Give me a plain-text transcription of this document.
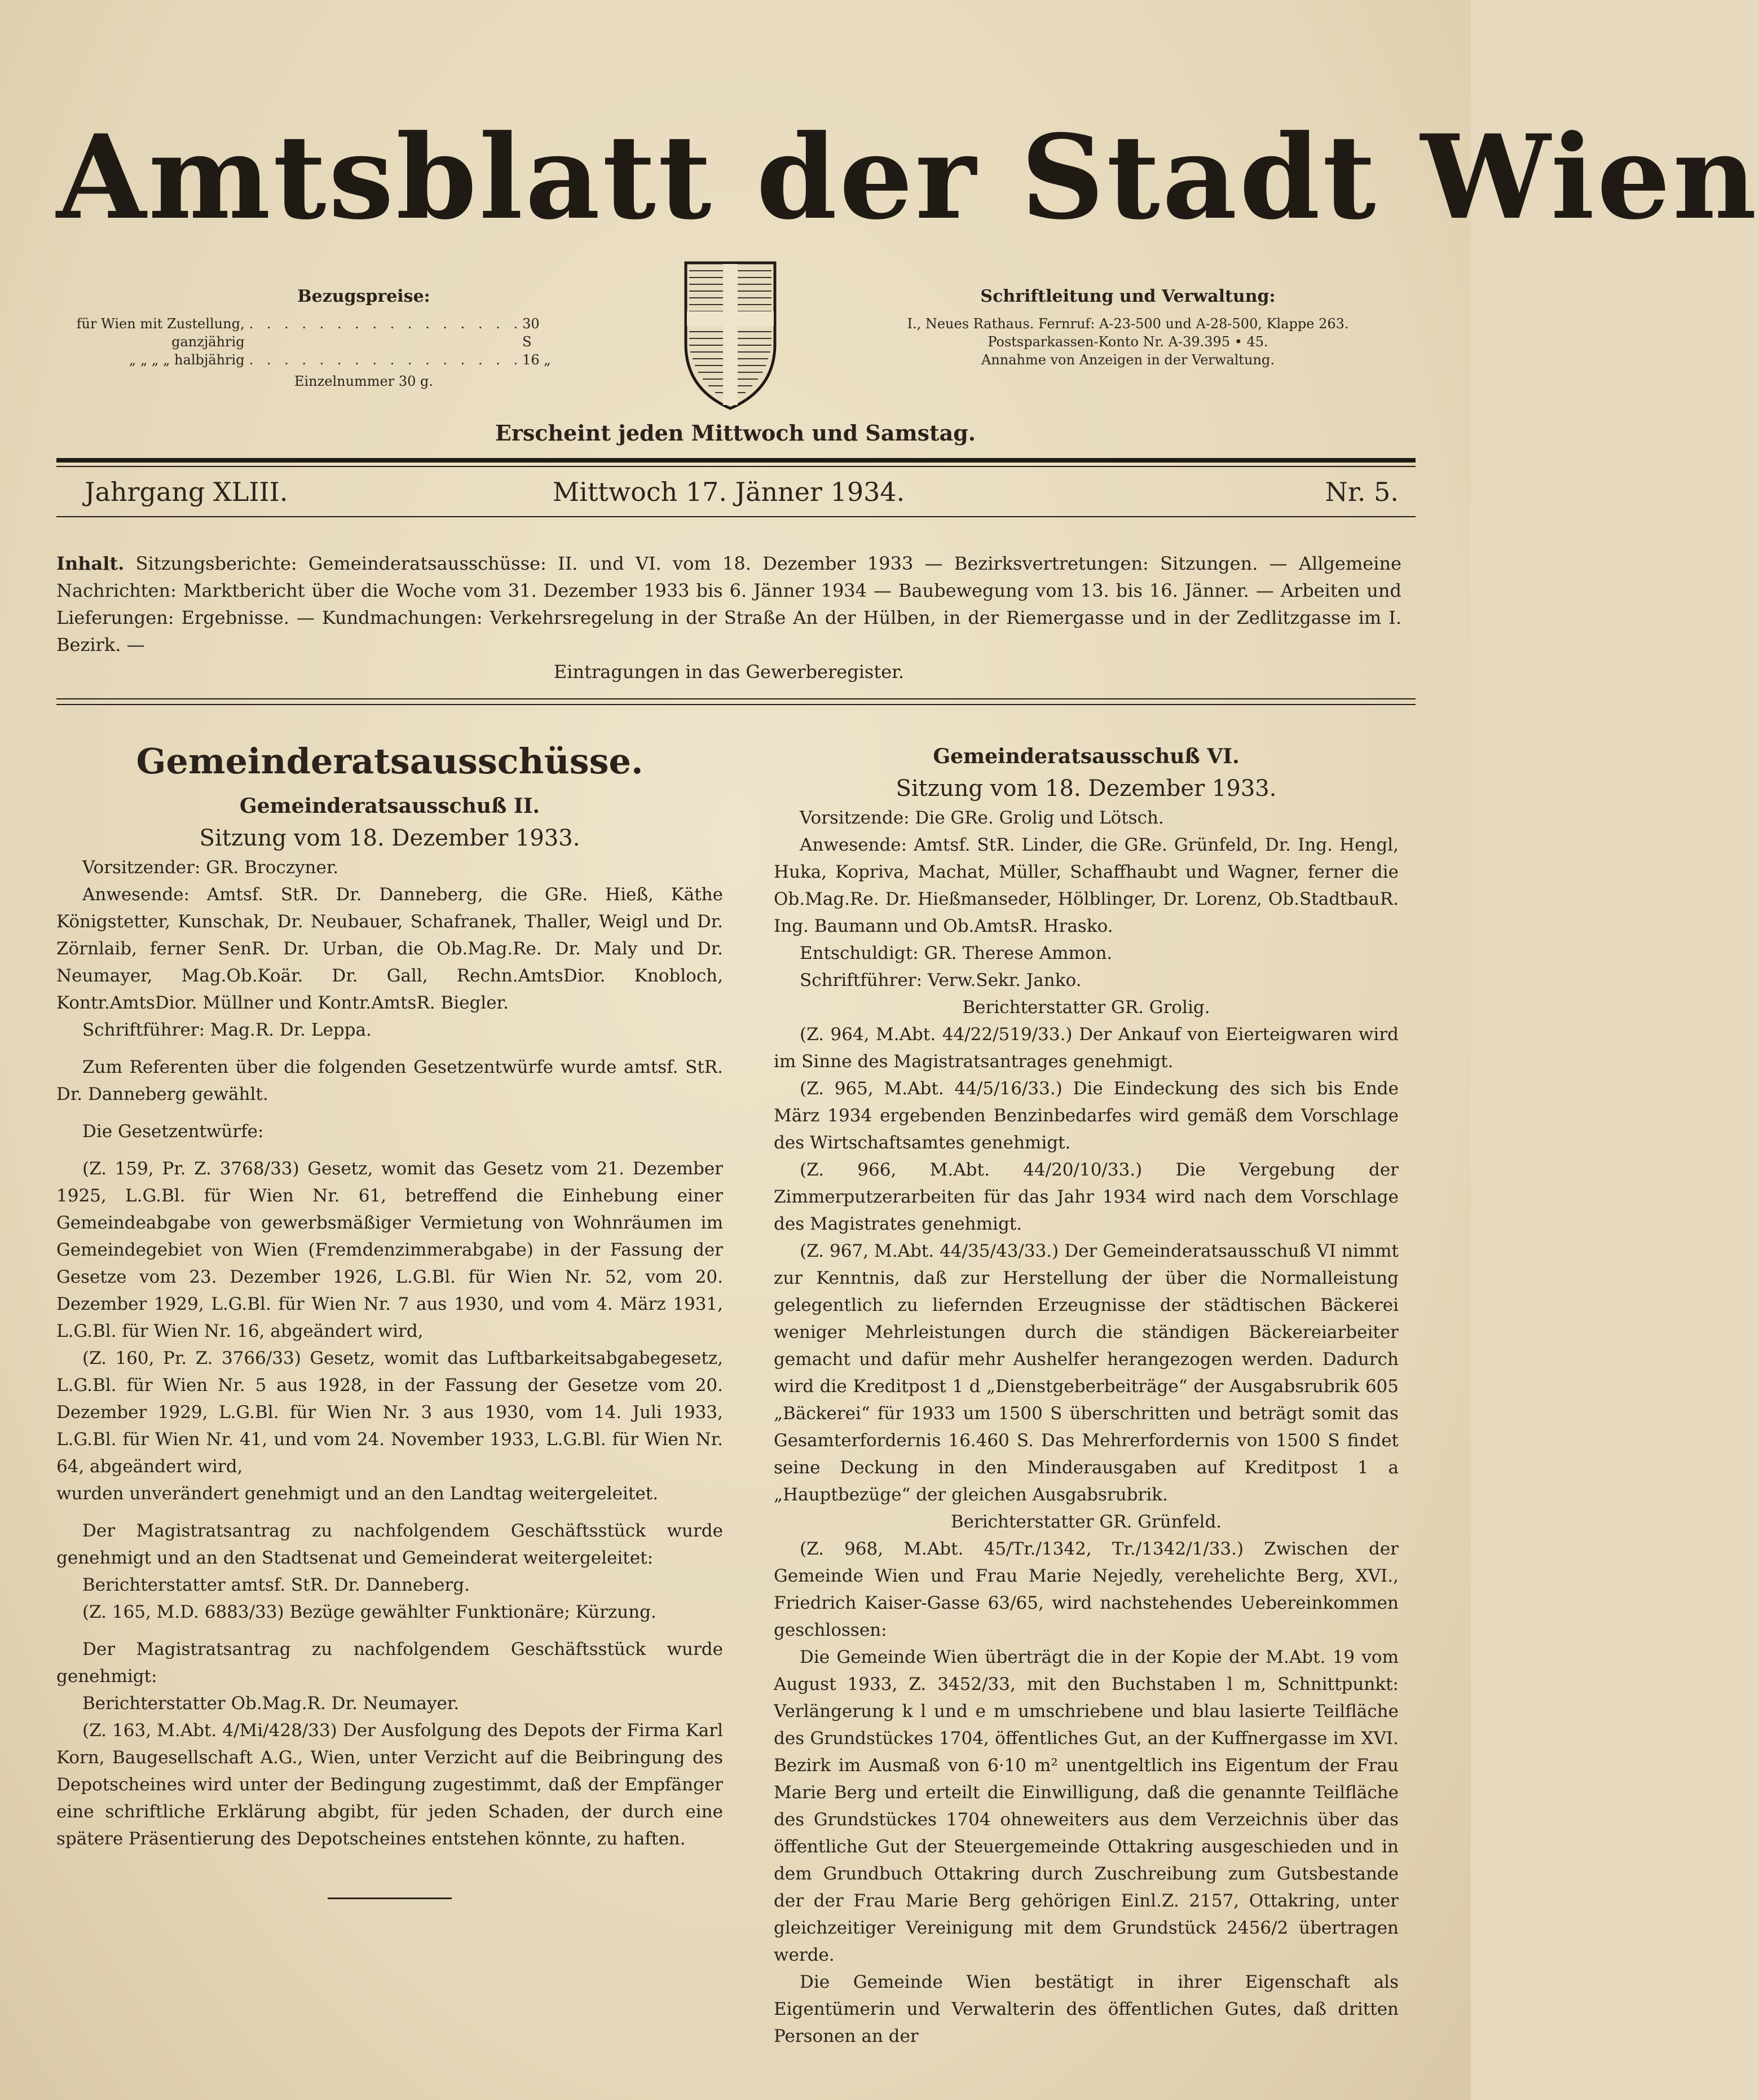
Amtsblatt der Stadt Wien
Bezugspreise:
für Wien mit Zustellung, ganzjährig
. . . . . . . . . . . . . . . . 30 S
„ „ „ „ halbjährig . . . . . . . . . . . . . . . . 16 „
Einzelnummer 30 g.
Schriftleitung und Verwaltung:
I., Neues Rathaus. Fernruf: A-23-500 und A-28-500, Klappe 263.
Postsparkassen-Konto Nr. A-39.395 • 45.
Annahme von Anzeigen in der Verwaltung.
Erscheint jeden Mittwoch und Samstag.
Jahrgang XLIII.	Mittwoch 17. Jänner 1934.	Nr. 5.
Inhalt. Sitzungsberichte: Gemeinderatsausschüsse: II. und VI. vom 18. Dezember 1933 — Bezirksvertretungen: Sitzungen. — Allgemeine Nachrichten: Marktbericht über die Woche vom 31. Dezember 1933 bis 6. Jänner 1934 — Baubewegung vom 13. bis 16. Jänner. — Arbeiten und Lieferungen: Ergebnisse. — Kundmachungen: Verkehrsregelung in der Straße An der Hülben, in der Riemergasse und in der Zedlitzgasse im I. Bezirk. —
Eintragungen in das Gewerberegister.

Gemeinderatsausschüsse.

Gemeinderatsausschuß II.

Sitzung vom 18. Dezember 1933.

Vorsitzender: GR. Broczyner.

Anwesende: Amtsf. StR. Dr. Danneberg, die GRe. Hieß, Käthe Königstetter, Kunschak, Dr. Neubauer, Schafranek, Thaller, Weigl und Dr. Zörnlaib, ferner SenR. Dr. Urban, die Ob.Mag.Re. Dr. Maly und Dr. Neumayer, Mag.Ob.Koär. Dr. Gall, Rechn.AmtsDior. Knobloch, Kontr.AmtsDior. Müllner und Kontr.AmtsR. Biegler.

Schriftführer: Mag.R. Dr. Leppa.

Zum Referenten über die folgenden Gesetzentwürfe wurde amtsf. StR. Dr. Danneberg gewählt.

Die Gesetzentwürfe:

(Z. 159, Pr. Z. 3768/33) Gesetz, womit das Gesetz vom 21. Dezember 1925, L.G.Bl. für Wien Nr. 61, betreffend die Einhebung einer Gemeindeabgabe von gewerbsmäßiger Vermietung von Wohnräumen im Gemeindegebiet von Wien (Fremdenzimmerabgabe) in der Fassung der Gesetze vom 23. Dezember 1926, L.G.Bl. für Wien Nr. 52, vom 20. Dezember 1929, L.G.Bl. für Wien Nr. 7 aus 1930, und vom 4. März 1931, L.G.Bl. für Wien Nr. 16, abgeändert wird,

(Z. 160, Pr. Z. 3766/33) Gesetz, womit das Luftbarkeitsabgabegesetz, L.G.Bl. für Wien Nr. 5 aus 1928, in der Fassung der Gesetze vom 20. Dezember 1929, L.G.Bl. für Wien Nr. 3 aus 1930, vom 14. Juli 1933, L.G.Bl. für Wien Nr. 41, und vom 24. November 1933, L.G.Bl. für Wien Nr. 64, abgeändert wird,

wurden unverändert genehmigt und an den Landtag weitergeleitet.

Der Magistratsantrag zu nachfolgendem Geschäftsstück wurde genehmigt und an den Stadtsenat und Gemeinderat weitergeleitet:

Berichterstatter amtsf. StR. Dr. Danneberg.

(Z. 165, M.D. 6883/33) Bezüge gewählter Funktionäre; Kürzung.

Der Magistratsantrag zu nachfolgendem Geschäftsstück wurde genehmigt:

Berichterstatter Ob.Mag.R. Dr. Neumayer.

(Z. 163, M.Abt. 4/Mi/428/33) Der Ausfolgung des Depots der Firma Karl Korn, Baugesellschaft A.G., Wien, unter Verzicht auf die Beibringung des Depotscheines wird unter der Bedingung zugestimmt, daß der Empfänger eine schriftliche Erklärung abgibt, für jeden Schaden, der durch eine spätere Präsentierung des Depotscheines entstehen könnte, zu haften.

Gemeinderatsausschuß VI.

Sitzung vom 18. Dezember 1933.

Vorsitzende: Die GRe. Grolig und Lötsch.

Anwesende: Amtsf. StR. Linder, die GRe. Grünfeld, Dr. Ing. Hengl, Huka, Kopriva, Machat, Müller, Schaffhaubt und Wagner, ferner die Ob.Mag.Re. Dr. Hießmanseder, Hölblinger, Dr. Lorenz, Ob.StadtbauR. Ing. Baumann und Ob.AmtsR. Hrasko.

Entschuldigt: GR. Therese Ammon.

Schriftführer: Verw.Sekr. Janko.

Berichterstatter GR. Grolig.

(Z. 964, M.Abt. 44/22/519/33.) Der Ankauf von Eierteigwaren wird im Sinne des Magistratsantrages genehmigt.

(Z. 965, M.Abt. 44/5/16/33.) Die Eindeckung des sich bis Ende März 1934 ergebenden Benzinbedarfes wird gemäß dem Vorschlage des Wirtschaftsamtes genehmigt.

(Z. 966, M.Abt. 44/20/10/33.) Die Vergebung der Zimmerputzerarbeiten für das Jahr 1934 wird nach dem Vorschlage des Magistrates genehmigt.

(Z. 967, M.Abt. 44/35/43/33.) Der Gemeinderatsausschuß VI nimmt zur Kenntnis, daß zur Herstellung der über die Normalleistung gelegentlich zu liefernden Erzeugnisse der städtischen Bäckerei weniger Mehrleistungen durch die ständigen Bäckereiarbeiter gemacht und dafür mehr Aushelfer herangezogen werden. Dadurch wird die Kreditpost 1 d „Dienstgeberbeiträge“ der Ausgabsrubrik 605 „Bäckerei“ für 1933 um 1500 S überschritten und beträgt somit das Gesamterfordernis 16.460 S. Das Mehrerfordernis von 1500 S findet seine Deckung in den Minderausgaben auf Kreditpost 1 a „Hauptbezüge“ der gleichen Ausgabsrubrik.

Berichterstatter GR. Grünfeld.

(Z. 968, M.Abt. 45/Tr./1342, Tr./1342/1/33.) Zwischen der Gemeinde Wien und Frau Marie Nejedly, verehelichte Berg, XVI., Friedrich Kaiser-Gasse 63/65, wird nachstehendes Uebereinkommen geschlossen:

Die Gemeinde Wien überträgt die in der Kopie der M.Abt. 19 vom August 1933, Z. 3452/33, mit den Buchstaben l m, Schnittpunkt: Verlängerung k l und e m umschriebene und blau lasierte Teilfläche des Grundstückes 1704, öffentliches Gut, an der Kuffnergasse im XVI. Bezirk im Ausmaß von 6·10 m² unentgeltlich ins Eigentum der Frau Marie Berg und erteilt die Einwilligung, daß die genannte Teilfläche des Grundstückes 1704 ohneweiters aus dem Verzeichnis über das öffentliche Gut der Steuergemeinde Ottakring ausgeschieden und in dem Grundbuch Ottakring durch Zuschreibung zum Gutsbestande der der Frau Marie Berg gehörigen Einl.Z. 2157, Ottakring, unter gleichzeitiger Vereinigung mit dem Grundstück 2456/2 übertragen werde.

Die Gemeinde Wien bestätigt in ihrer Eigenschaft als Eigentümerin und Verwalterin des öffentlichen Gutes, daß dritten Personen an der
